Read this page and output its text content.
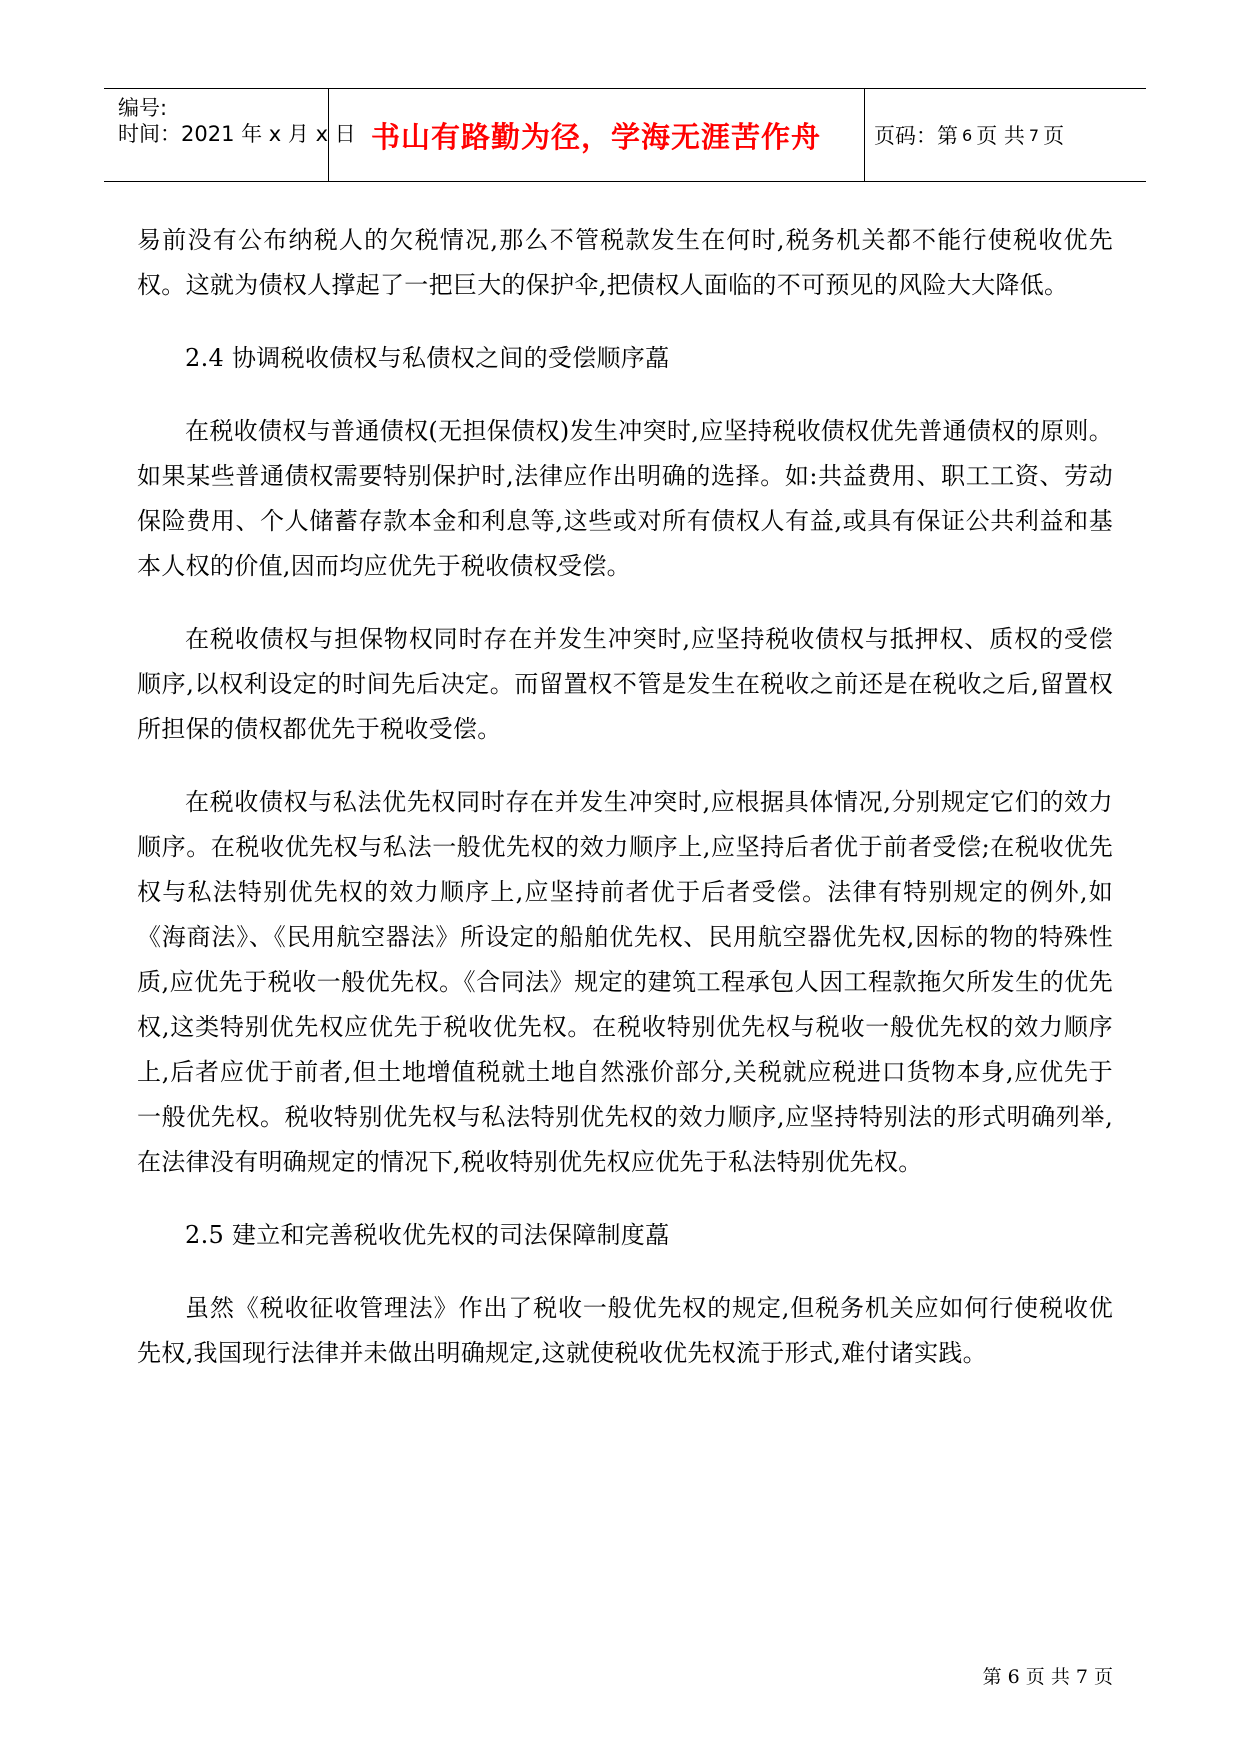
编号:
时间：2021 年 x 月 x 日 书山有路勤为径，学海无涯苦作舟	页码：第 6 页 共 7 页

易前没有公布纳税人的欠税情况,那么不管税款发生在何时,税务机关都不能行使税收优先权。这就为债权人撑起了一把巨大的保护伞,把债权人面临的不可预见的风险大大降低。

2.4 协调税收债权与私债权之间的受偿顺序藠

在税收债权与普通债权(无担保债权)发生冲突时,应坚持税收债权优先普通债权的原则。如果某些普通债权需要特别保护时,法律应作出明确的选择。如:共益费用、职工工资、劳动保险费用、个人储蓄存款本金和利息等,这些或对所有债权人有益,或具有保证公共利益和基本人权的价值,因而均应优先于税收债权受偿。

在税收债权与担保物权同时存在并发生冲突时,应坚持税收债权与抵押权、质权的受偿顺序,以权利设定的时间先后决定。而留置权不管是发生在税收之前还是在税收之后,留置权所担保的债权都优先于税收受偿。

在税收债权与私法优先权同时存在并发生冲突时,应根据具体情况,分别规定它们的效力顺序。在税收优先权与私法一般优先权的效力顺序上,应坚持后者优于前者受偿;在税收优先权与私法特别优先权的效力顺序上,应坚持前者优于后者受偿。法律有特别规定的例外,如《海商法》、《民用航空器法》所设定的船舶优先权、民用航空器优先权,因标的物的特殊性质,应优先于税收一般优先权。《合同法》规定的建筑工程承包人因工程款拖欠所发生的优先权,这类特别优先权应优先于税收优先权。在税收特别优先权与税收一般优先权的效力顺序上,后者应优于前者,但土地增值税就土地自然涨价部分,关税就应税进口货物本身,应优先于一般优先权。税收特别优先权与私法特别优先权的效力顺序,应坚持特别法的形式明确列举,在法律没有明确规定的情况下,税收特别优先权应优先于私法特别优先权。

2.5 建立和完善税收优先权的司法保障制度藠

虽然《税收征收管理法》作出了税收一般优先权的规定,但税务机关应如何行使税收优先权,我国现行法律并未做出明确规定,这就使税收优先权流于形式,难付诸实践。

第 6 页 共 7 页
